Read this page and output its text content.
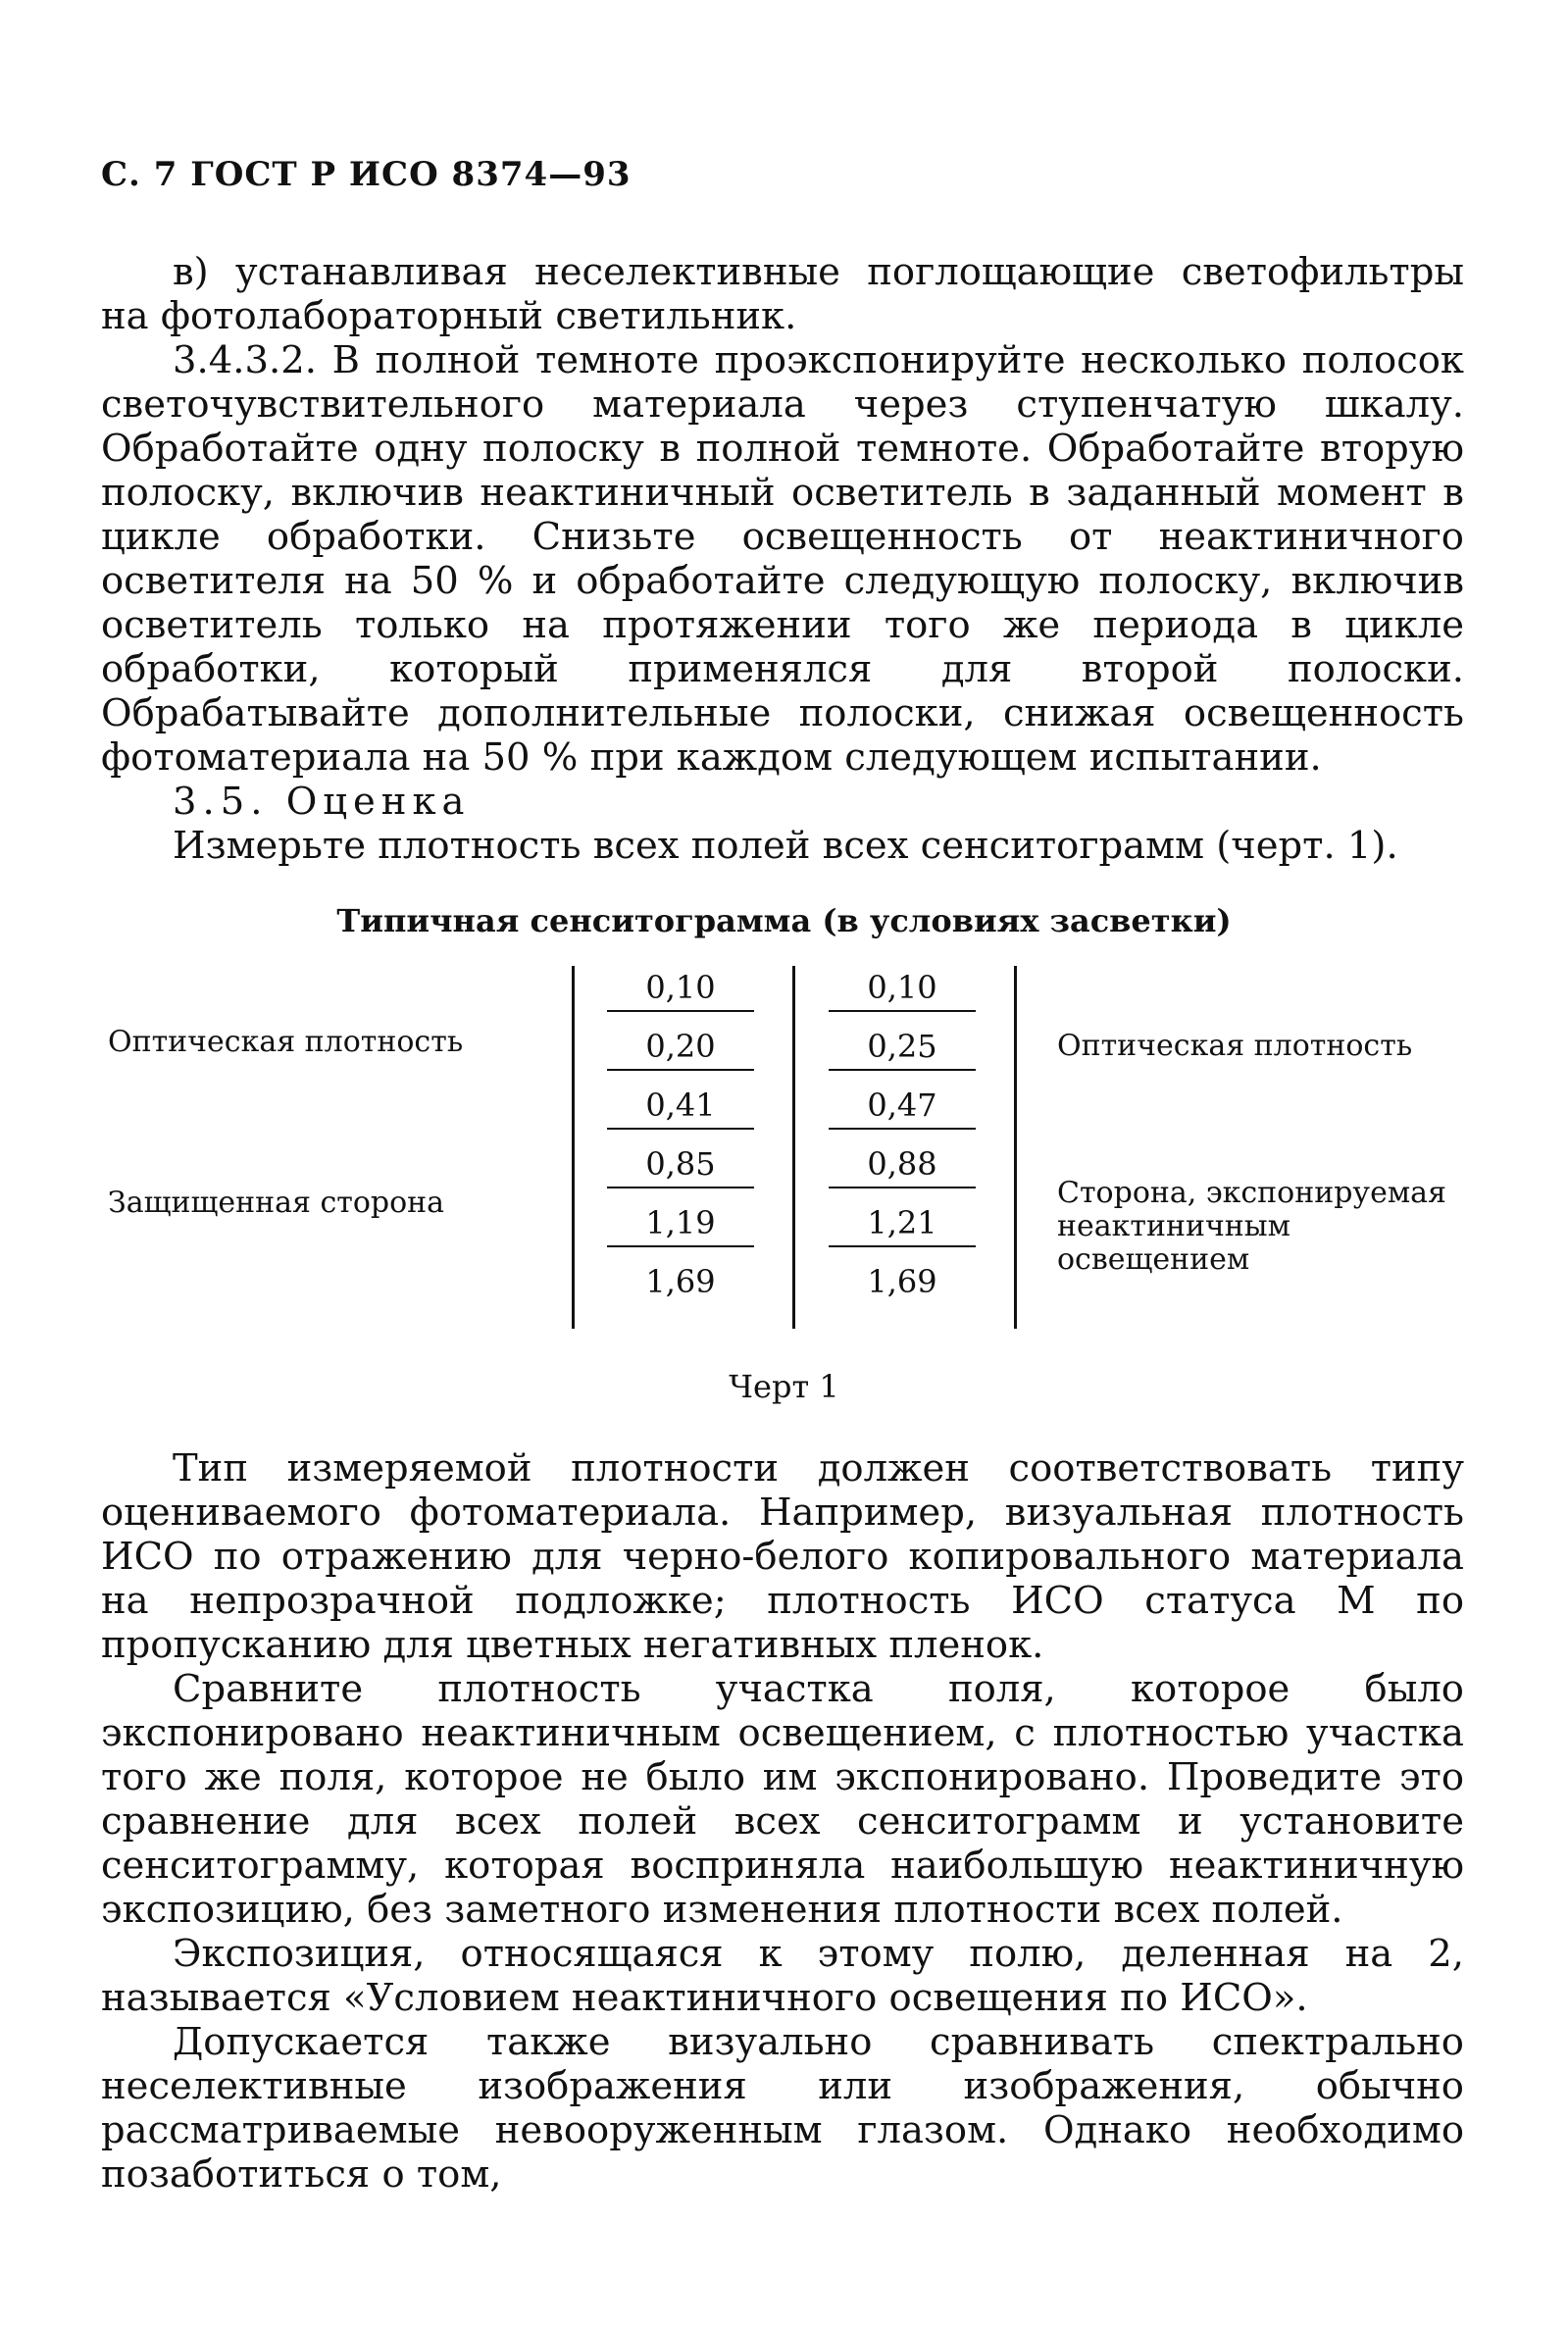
С. 7 ГОСТ Р ИСО 8374—93

в) устанавливая неселективные поглощающие светофильтры на фотолабораторный светильник.

3.4.3.2. В полной темноте проэкспонируйте несколько полосок светочувствительного материала через ступенчатую шкалу. Обработайте одну полоску в полной темноте. Обработайте вторую полоску, включив неактиничный осветитель в заданный момент в цикле обработки. Снизьте освещенность от неактиничного осветителя на 50 % и обработайте следующую полоску, включив осветитель только на протяжении того же периода в цикле обработки, который применялся для второй полоски. Обрабатывайте дополнительные полоски, снижая освещенность фотоматериала на 50 % при каждом следующем испытании.

3.5. Оценка

Измерьте плотность всех полей всех сенситограмм (черт. 1).

Типичная сенситограмма (в условиях засветки)
Оптическая плотность
Защищенная сторона
Оптическая плотность
Сторона, экспонируемая неактиничным освещением
0,10
0,20
0,41
0,85
1,19
1,69
0,10
0,25
0,47
0,88
1,21
1,69
Черт 1

Тип измеряемой плотности должен соответствовать типу оцениваемого фотоматериала. Например, визуальная плотность ИСО по отражению для черно-белого копировального материала на непрозрачной подложке; плотность ИСО статуса М по пропусканию для цветных негативных пленок.

Сравните плотность участка поля, которое было экспонировано неактиничным освещением, с плотностью участка того же поля, которое не было им экспонировано. Проведите это сравнение для всех полей всех сенситограмм и установите сенситограмму, которая восприняла наибольшую неактиничную экспозицию, без заметного изменения плотности всех полей.

Экспозиция, относящаяся к этому полю, деленная на 2, называется «Условием неактиничного освещения по ИСО».

Допускается также визуально сравнивать спектрально неселективные изображения или изображения, обычно рассматриваемые невооруженным глазом. Однако необходимо позаботиться о том,
